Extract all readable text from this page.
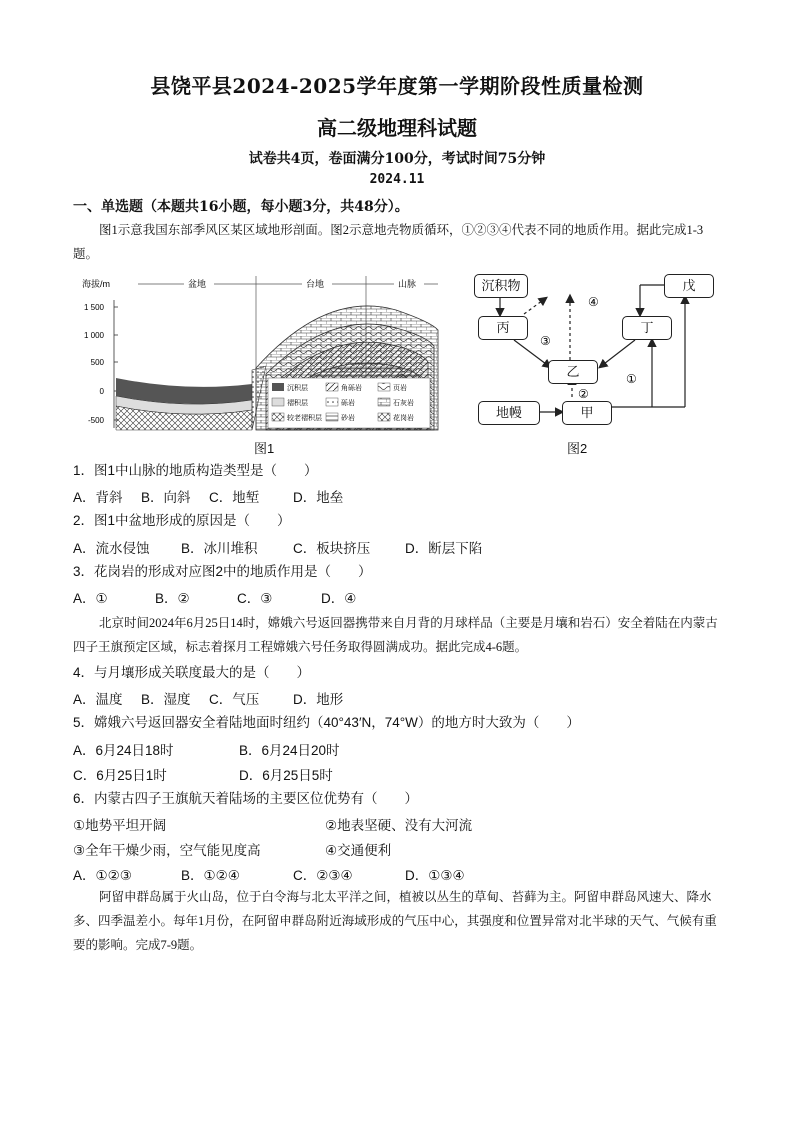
县饶平县2024-2025学年度第一学期阶段性质量检测
高二级地理科试题
试卷共4页，卷面满分100分，考试时间75分钟
2024.11
一、单选题（本题共16小题，每小题3分，共48分）。
图1示意我国东部季风区某区域地形剖面。图2示意地壳物质循环，①②③④代表不同的地质作用。据此完成1-3题。
海拔/m	盆地	台地	山脉
1 500
1 000
500
0
-500
沉积层	角砾岩	页岩
褶积层	砾岩	石灰岩
较老褶积层	砂岩	花岗岩
图1
③
②
①
④
沉积物	戊
丙	丁
乙
地幔	甲
图2
1．图1中山脉的地质构造类型是（　　）
A．背斜 B．向斜 C．地堑	D．地垒
2．图1中盆地形成的原因是（　　）
A．流水侵蚀 B．冰川堆积	C．板块挤压	D．断层下陷
3．花岗岩的形成对应图2中的地质作用是（　　）
A．①	B．②	C．③	D．④
北京时间2024年6月25日14时，嫦娥六号返回器携带来自月背的月球样品（主要是月壤和岩石）安全着陆在内蒙古四子王旗预定区域，标志着探月工程嫦娥六号任务取得圆满成功。据此完成4-6题。
4．与月壤形成关联度最大的是（　　）
A．温度 B．湿度 C．气压	D．地形
5．嫦娥六号返回器安全着陆地面时纽约（40°43′N，74°W）的地方时大致为（　　）
A．6月24日18时	B．6月24日20时
C．6月25日1时	D．6月25日5时
6．内蒙古四子王旗航天着陆场的主要区位优势有（　　）
①地势平坦开阔	②地表坚硬、没有大河流
③全年干燥少雨，空气能见度高	④交通便利
A．①②③	B．①②④	C．②③④	D．①③④
阿留申群岛属于火山岛，位于白令海与北太平洋之间，植被以丛生的草甸、苔藓为主。阿留申群岛风速大、降水多、四季温差小。每年1月份，在阿留申群岛附近海域形成的气压中心，其强度和位置异常对北半球的天气、气候有重要的影响。完成7-9题。
